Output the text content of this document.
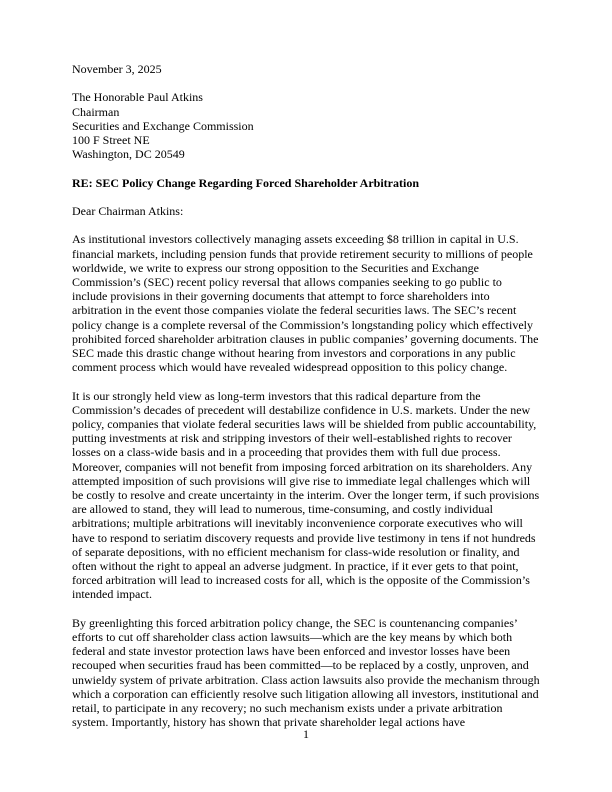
November 3, 2025
The Honorable Paul Atkins
Chairman
Securities and Exchange Commission
100 F Street NE
Washington, DC 20549
RE: SEC Policy Change Regarding Forced Shareholder Arbitration
Dear Chairman Atkins:

As institutional investors collectively managing assets exceeding $8 trillion in capital in U.S. financial markets, including pension funds that provide retirement security to millions of people worldwide, we write to express our strong opposition to the Securities and Exchange Commission’s (SEC) recent policy reversal that allows companies seeking to go public to include provisions in their governing documents that attempt to force shareholders into arbitration in the event those companies violate the federal securities laws. The SEC’s recent policy change is a complete reversal of the Commission’s longstanding policy which effectively prohibited forced shareholder arbitration clauses in public companies’ governing documents. The SEC made this drastic change without hearing from investors and corporations in any public comment process which would have revealed widespread opposition to this policy change.

It is our strongly held view as long-term investors that this radical departure from the Commission’s decades of precedent will destabilize confidence in U.S. markets. Under the new policy, companies that violate federal securities laws will be shielded from public accountability, putting investments at risk and stripping investors of their well-established rights to recover losses on a class-wide basis and in a proceeding that provides them with full due process. Moreover, companies will not benefit from imposing forced arbitration on its shareholders. Any attempted imposition of such provisions will give rise to immediate legal challenges which will be costly to resolve and create uncertainty in the interim. Over the longer term, if such provisions are allowed to stand, they will lead to numerous, time-consuming, and costly individual arbitrations; multiple arbitrations will inevitably inconvenience corporate executives who will have to respond to seriatim discovery requests and provide live testimony in tens if not hundreds of separate depositions, with no efficient mechanism for class-wide resolution or finality, and often without the right to appeal an adverse judgment. In practice, if it ever gets to that point, forced arbitration will lead to increased costs for all, which is the opposite of the Commission’s intended impact.

By greenlighting this forced arbitration policy change, the SEC is countenancing companies’ efforts to cut off shareholder class action lawsuits—which are the key means by which both federal and state investor protection laws have been enforced and investor losses have been recouped when securities fraud has been committed—to be replaced by a costly, unproven, and unwieldy system of private arbitration. Class action lawsuits also provide the mechanism through which a corporation can efficiently resolve such litigation allowing all investors, institutional and retail, to participate in any recovery; no such mechanism exists under a private arbitration system. Importantly, history has shown that private shareholder legal actions have

1
